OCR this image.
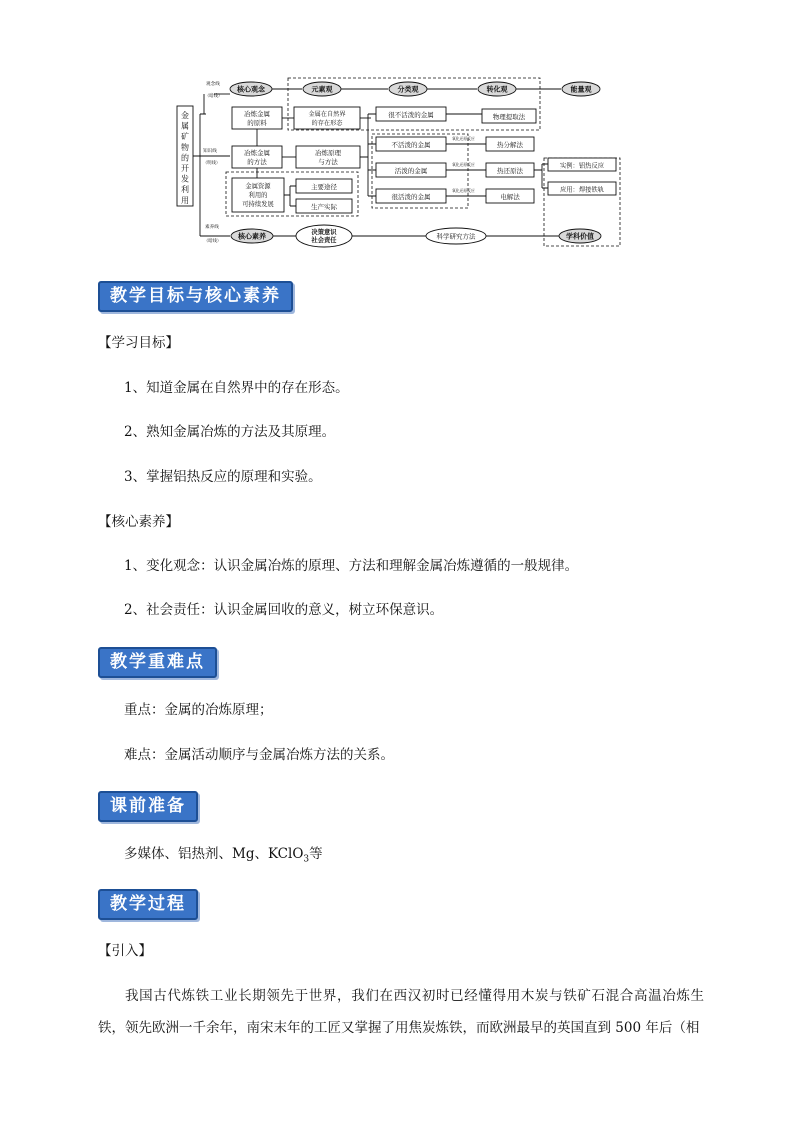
金
属
矿
物
的
开
发
利
用
观念线
（暗线）
知识线
（明线）
素养线
（暗线）
核心观念	元素观	分类观	转化观	能量观
冶炼金属
的原料
金属在自然界
的存在形态
很不活泼的金属	物理提取法
冶炼金属
的方法
冶炼原理
与方法
不活泼的金属
活泼的金属
很活泼的金属
氧化还原反应
氧化还原反应
氧化还原反应
热分解法
热还原法
电解法
实例：铝热反应
应用：焊接铁轨
金属资源
利用的
可持续发展
主要途径
生产实际
核心素养	决策意识
社会责任	科学研究方法	学科价值
教学目标与核心素养
【学习目标】
1、知道金属在自然界中的存在形态。
2、熟知金属冶炼的方法及其原理。
3、掌握铝热反应的原理和实验。
【核心素养】
1、变化观念：认识金属冶炼的原理、方法和理解金属冶炼遵循的一般规律。
2、社会责任：认识金属回收的意义，树立环保意识。
教学重难点
重点：金属的冶炼原理；
难点：金属活动顺序与金属冶炼方法的关系。
课前准备
多媒体、铝热剂、Mg、KClO$_3$等
教学过程
【引入】
我国古代炼铁工业长期领先于世界，我们在西汉初时已经懂得用木炭与铁矿石混合高温冶炼生铁，领先欧洲一千余年，南宋末年的工匠又掌握了用焦炭炼铁，而欧洲最早的英国直到 500 年后（相
